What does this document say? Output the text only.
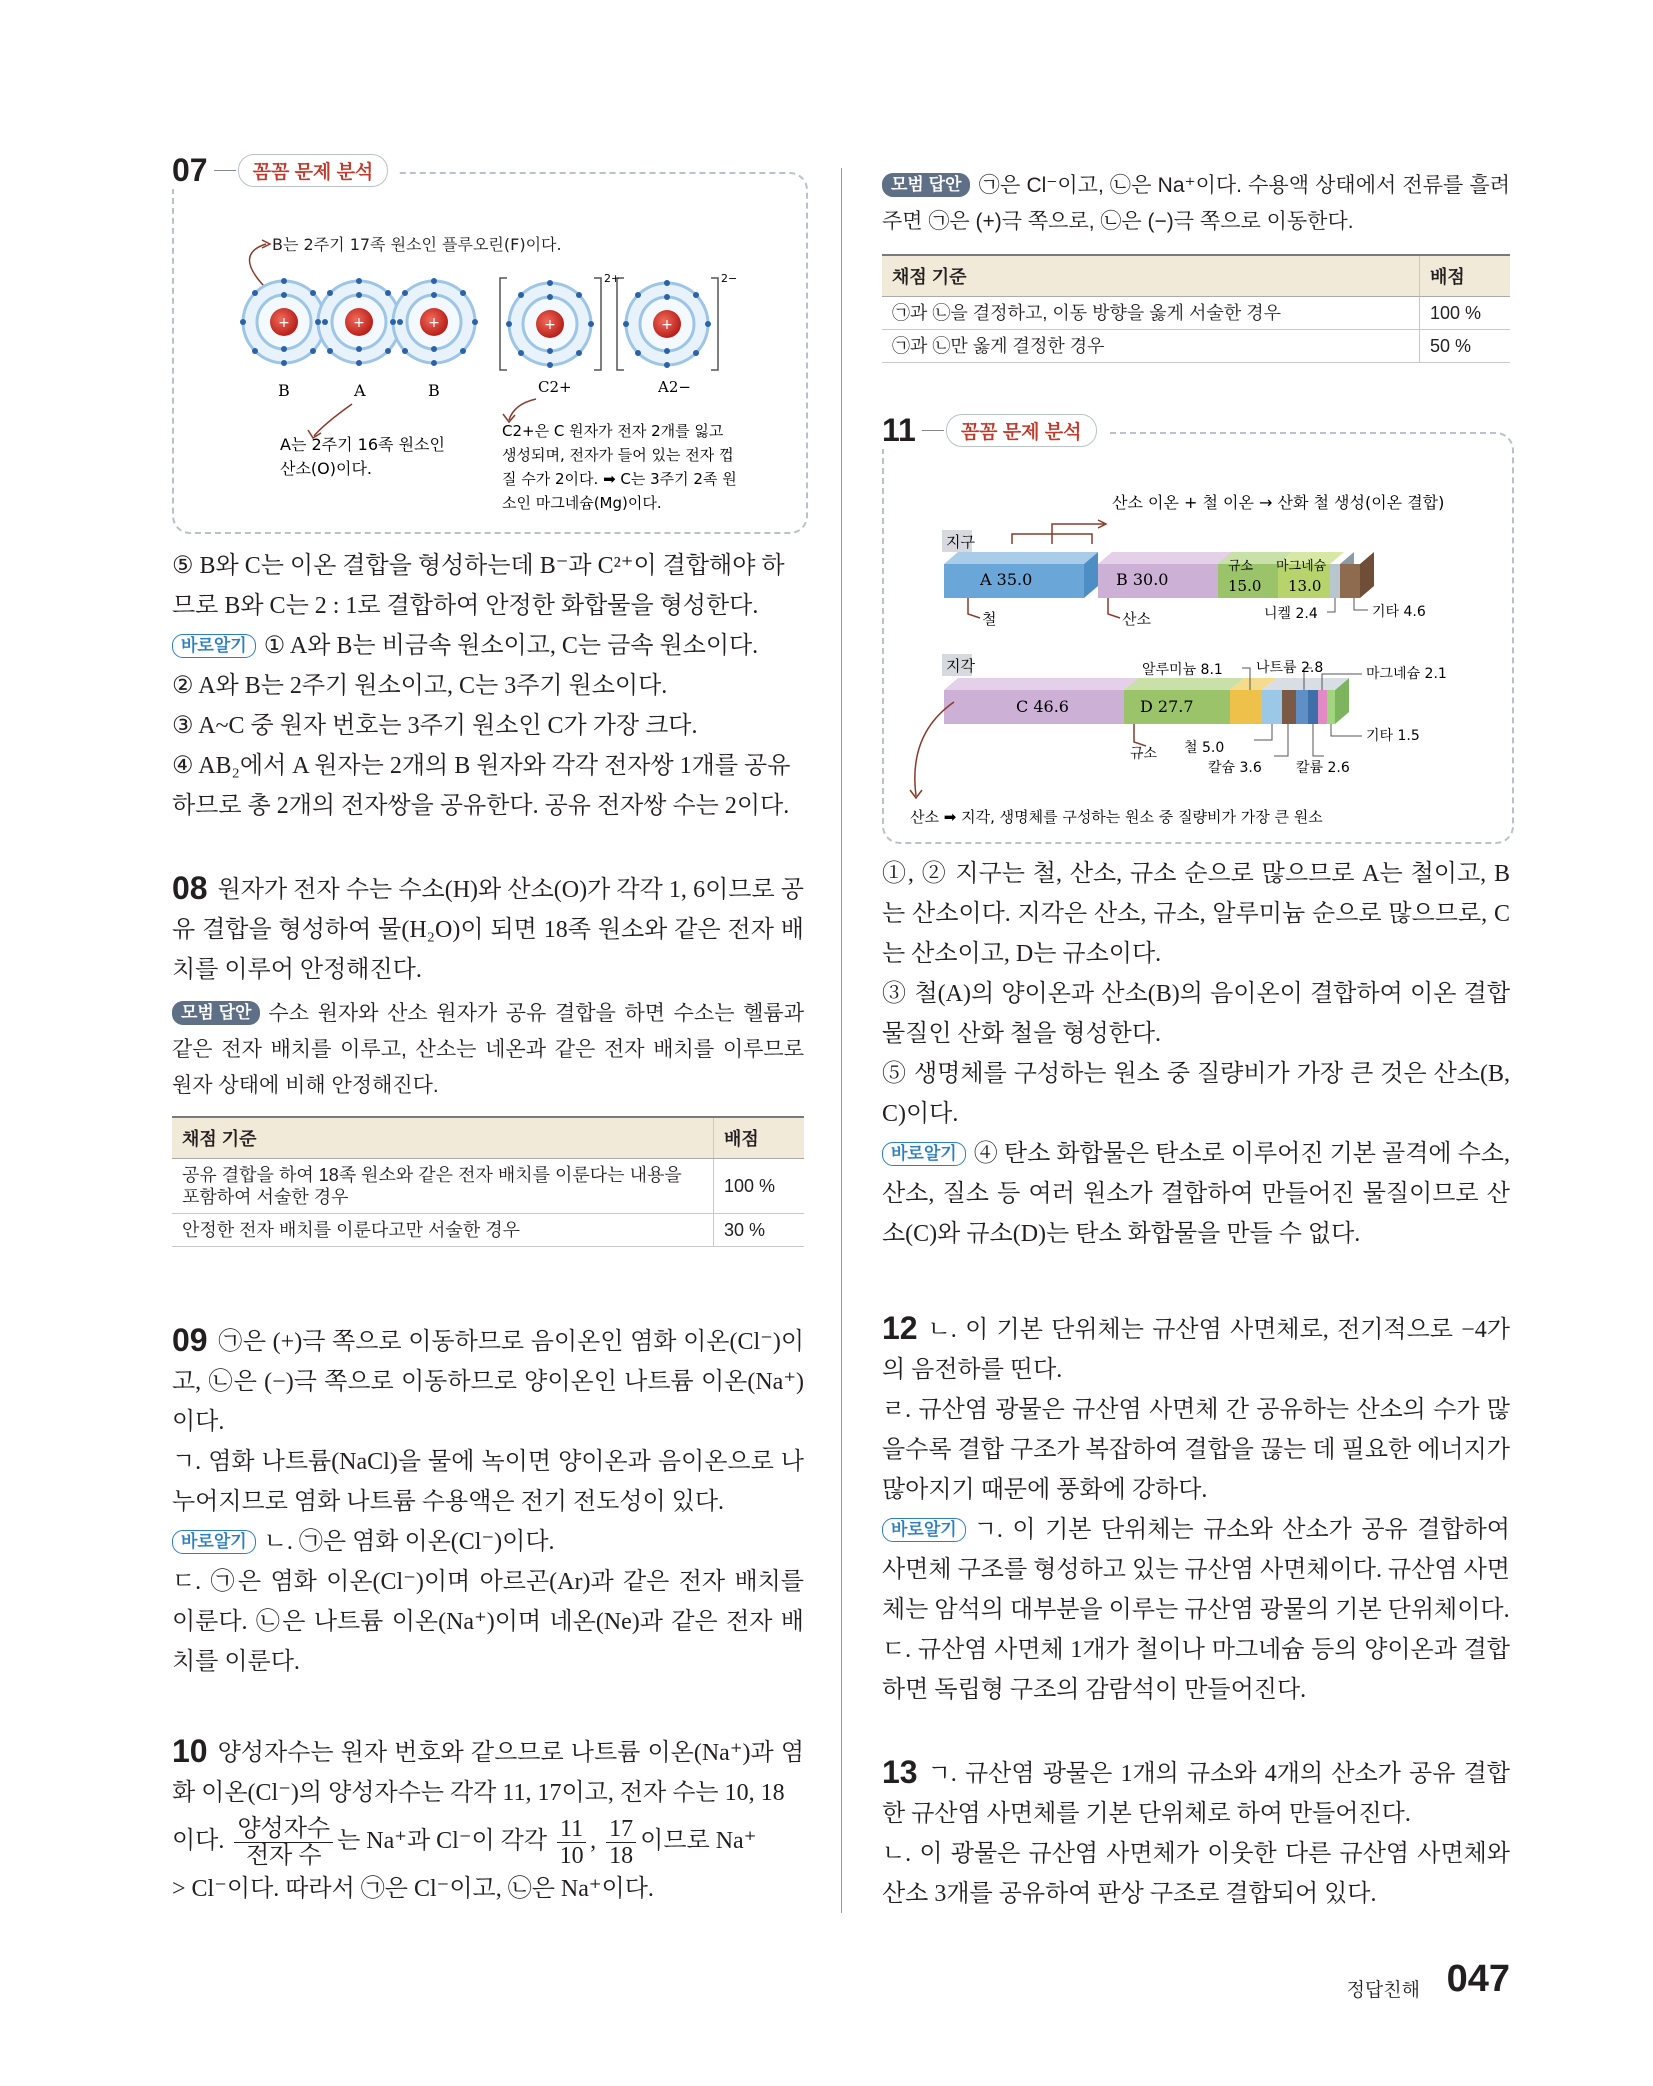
07	꼼꼼 문제 분석
B는 2주기 17족 원소인 플루오린(F)이다.
+	+	+
2+
+
2−
+
B	A	B	C2+	A2−
A는 2주기 16족 원소인
산소(O)이다.
C2+은 C 원자가 전자 2개를 잃고
생성되며, 전자가 들어 있는 전자 껍
질 수가 2이다. ➡ C는 3주기 2족 원
소인 마그네슘(Mg)이다.

⑤ B와 C는 이온 결합을 형성하는데 B⁻과 C²⁺이 결합해야 하

므로 B와 C는 2 : 1로 결합하여 안정한 화합물을 형성한다.

바로알기 ① A와 B는 비금속 원소이고, C는 금속 원소이다.

② A와 B는 2주기 원소이고, C는 3주기 원소이다.

③ A~C 중 원자 번호는 3주기 원소인 C가 가장 크다.

④ AB₂에서 A 원자는 2개의 B 원자와 각각 전자쌍 1개를 공유

하므로 총 2개의 전자쌍을 공유한다. 공유 전자쌍 수는 2이다.

08 원자가 전자 수는 수소(H)와 산소(O)가 각각 1, 6이므로 공유 결합을 형성하여 물(H₂O)이 되면 18족 원소와 같은 전자 배치를 이루어 안정해진다.

모범 답안 수소 원자와 산소 원자가 공유 결합을 하면 수소는 헬륨과 같은 전자 배치를 이루고, 산소는 네온과 같은 전자 배치를 이루므로 원자 상태에 비해 안정해진다.

채점 기준	배점
공유 결합을 하여 18족 원소와 같은 전자 배치를 이룬다는 내용을 포함하여 서술한 경우	100 %
안정한 전자 배치를 이룬다고만 서술한 경우	30 %

09 ㉠은 (+)극 쪽으로 이동하므로 음이온인 염화 이온(Cl⁻)이고, ㉡은 (−)극 쪽으로 이동하므로 양이온인 나트륨 이온(Na⁺)이다.

ㄱ. 염화 나트륨(NaCl)을 물에 녹이면 양이온과 음이온으로 나누어지므로 염화 나트륨 수용액은 전기 전도성이 있다.

바로알기 ㄴ. ㉠은 염화 이온(Cl⁻)이다.

ㄷ. ㉠은 염화 이온(Cl⁻)이며 아르곤(Ar)과 같은 전자 배치를 이룬다. ㉡은 나트륨 이온(Na⁺)이며 네온(Ne)과 같은 전자 배치를 이룬다.

10 양성자수는 원자 번호와 같으므로 나트륨 이온(Na⁺)과 염화 이온(Cl⁻)의 양성자수는 각각 11, 17이고, 전자 수는 10, 18

이다. $\frac{\text{양성자수}}{\text{전자 수}}$ 는 Na⁺과 Cl⁻이 각각 $\frac{11}{10}$ , $\frac{17}{18}$ 이므로 Na⁺

> Cl⁻이다. 따라서 ㉠은 Cl⁻이고, ㉡은 Na⁺이다.

모범 답안 ㉠은 Cl⁻이고, ㉡은 Na⁺이다. 수용액 상태에서 전류를 흘려주면 ㉠은 (+)극 쪽으로, ㉡은 (−)극 쪽으로 이동한다.

채점 기준	배점
㉠과 ㉡을 결정하고, 이동 방향을 옳게 서술한 경우	100 %
㉠과 ㉡만 옳게 결정한 경우	50 %
11	꼼꼼 문제 분석
산소 이온 + 철 이온 → 산화 철 생성(이온 결합)
지구
A 35.0	B 30.0
규소
15.0
마그네슘
13.0
철	산소	니켈 2.4	기타 4.6
지각
C 46.6	D 27.7
알루미늄 8.1 나트륨 2.8	마그네슘 2.1
규소 철 5.0
칼슘 3.6 칼륨 2.6
기타 1.5
산소 ➡ 지각, 생명체를 구성하는 원소 중 질량비가 가장 큰 원소

①, ② 지구는 철, 산소, 규소 순으로 많으므로 A는 철이고, B는 산소이다. 지각은 산소, 규소, 알루미늄 순으로 많으므로, C는 산소이고, D는 규소이다.

③ 철(A)의 양이온과 산소(B)의 음이온이 결합하여 이온 결합 물질인 산화 철을 형성한다.

⑤ 생명체를 구성하는 원소 중 질량비가 가장 큰 것은 산소(B, C)이다.

바로알기 ④ 탄소 화합물은 탄소로 이루어진 기본 골격에 수소, 산소, 질소 등 여러 원소가 결합하여 만들어진 물질이므로 산소(C)와 규소(D)는 탄소 화합물을 만들 수 없다.

12 ㄴ. 이 기본 단위체는 규산염 사면체로, 전기적으로 −4가의 음전하를 띤다.

ㄹ. 규산염 광물은 규산염 사면체 간 공유하는 산소의 수가 많을수록 결합 구조가 복잡하여 결합을 끊는 데 필요한 에너지가 많아지기 때문에 풍화에 강하다.

바로알기 ㄱ. 이 기본 단위체는 규소와 산소가 공유 결합하여 사면체 구조를 형성하고 있는 규산염 사면체이다. 규산염 사면체는 암석의 대부분을 이루는 규산염 광물의 기본 단위체이다.

ㄷ. 규산염 사면체 1개가 철이나 마그네슘 등의 양이온과 결합하면 독립형 구조의 감람석이 만들어진다.

13 ㄱ. 규산염 광물은 1개의 규소와 4개의 산소가 공유 결합한 규산염 사면체를 기본 단위체로 하여 만들어진다.

ㄴ. 이 광물은 규산염 사면체가 이웃한 다른 규산염 사면체와 산소 3개를 공유하여 판상 구조로 결합되어 있다.

정답친해 047
